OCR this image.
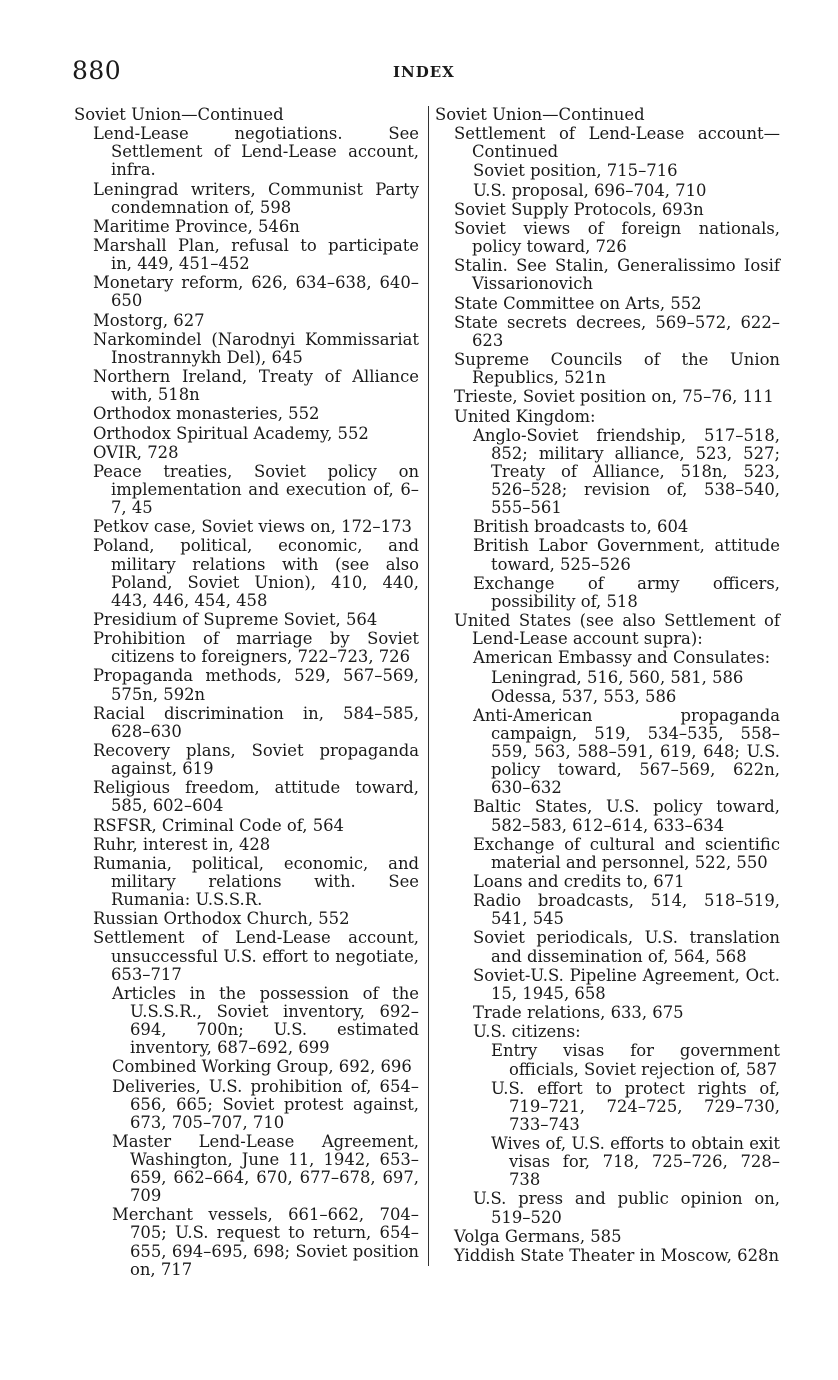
880	INDEX
Soviet Union—Continued
Lend-Lease negotiations. See Settlement of Lend-Lease account, infra.
Leningrad writers, Communist Party condemnation of, 598
Maritime Province, 546n
Marshall Plan, refusal to participate in, 449, 451–452
Monetary reform, 626, 634–638, 640–650
Mostorg, 627
Narkomindel (Narodnyi Kommissariat Inostrannykh Del), 645
Northern Ireland, Treaty of Alliance with, 518n
Orthodox monasteries, 552
Orthodox Spiritual Academy, 552
OVIR, 728
Peace treaties, Soviet policy on implementation and execution of, 6–7, 45
Petkov case, Soviet views on, 172–173
Poland, political, economic, and military relations with (see also Poland, Soviet Union), 410, 440, 443, 446, 454, 458
Presidium of Supreme Soviet, 564
Prohibition of marriage by Soviet citizens to foreigners, 722–723, 726
Propaganda methods, 529, 567–569, 575n, 592n
Racial discrimination in, 584–585, 628–630
Recovery plans, Soviet propaganda against, 619
Religious freedom, attitude toward, 585, 602–604
RSFSR, Criminal Code of, 564
Ruhr, interest in, 428
Rumania, political, economic, and military relations with. See Rumania: U.S.S.R.
Russian Orthodox Church, 552
Settlement of Lend-Lease account, unsuccessful U.S. effort to negotiate, 653–717
Articles in the possession of the U.S.S.R., Soviet inventory, 692–694, 700n; U.S. estimated inventory, 687–692, 699
Combined Working Group, 692, 696
Deliveries, U.S. prohibition of, 654–656, 665; Soviet protest against, 673, 705–707, 710
Master Lend-Lease Agreement, Washington, June 11, 1942, 653–659, 662–664, 670, 677–678, 697, 709
Merchant vessels, 661–662, 704–705; U.S. request to return, 654–655, 694–695, 698; Soviet position on, 717
Soviet Union—Continued
Settlement of Lend-Lease account—Continued
Soviet position, 715–716
U.S. proposal, 696–704, 710
Soviet Supply Protocols, 693n
Soviet views of foreign nationals, policy toward, 726
Stalin. See Stalin, Generalissimo Iosif Vissarionovich
State Committee on Arts, 552
State secrets decrees, 569–572, 622–623
Supreme Councils of the Union Republics, 521n
Trieste, Soviet position on, 75–76, 111
United Kingdom:
Anglo-Soviet friendship, 517–518, 852; military alliance, 523, 527; Treaty of Alliance, 518n, 523, 526–528; revision of, 538–540, 555–561
British broadcasts to, 604
British Labor Government, attitude toward, 525–526
Exchange of army officers, possibility of, 518
United States (see also Settlement of Lend-Lease account supra):
American Embassy and Consulates:
Leningrad, 516, 560, 581, 586
Odessa, 537, 553, 586
Anti-American propaganda campaign, 519, 534–535, 558–559, 563, 588–591, 619, 648; U.S. policy toward, 567–569, 622n, 630–632
Baltic States, U.S. policy toward, 582–583, 612–614, 633–634
Exchange of cultural and scientific material and personnel, 522, 550
Loans and credits to, 671
Radio broadcasts, 514, 518–519, 541, 545
Soviet periodicals, U.S. translation and dissemination of, 564, 568
Soviet-U.S. Pipeline Agreement, Oct. 15, 1945, 658
Trade relations, 633, 675
U.S. citizens:
Entry visas for government officials, Soviet rejection of, 587
U.S. effort to protect rights of, 719–721, 724–725, 729–730, 733–743
Wives of, U.S. efforts to obtain exit visas for, 718, 725–726, 728–738
U.S. press and public opinion on, 519–520
Volga Germans, 585
Yiddish State Theater in Moscow, 628n
